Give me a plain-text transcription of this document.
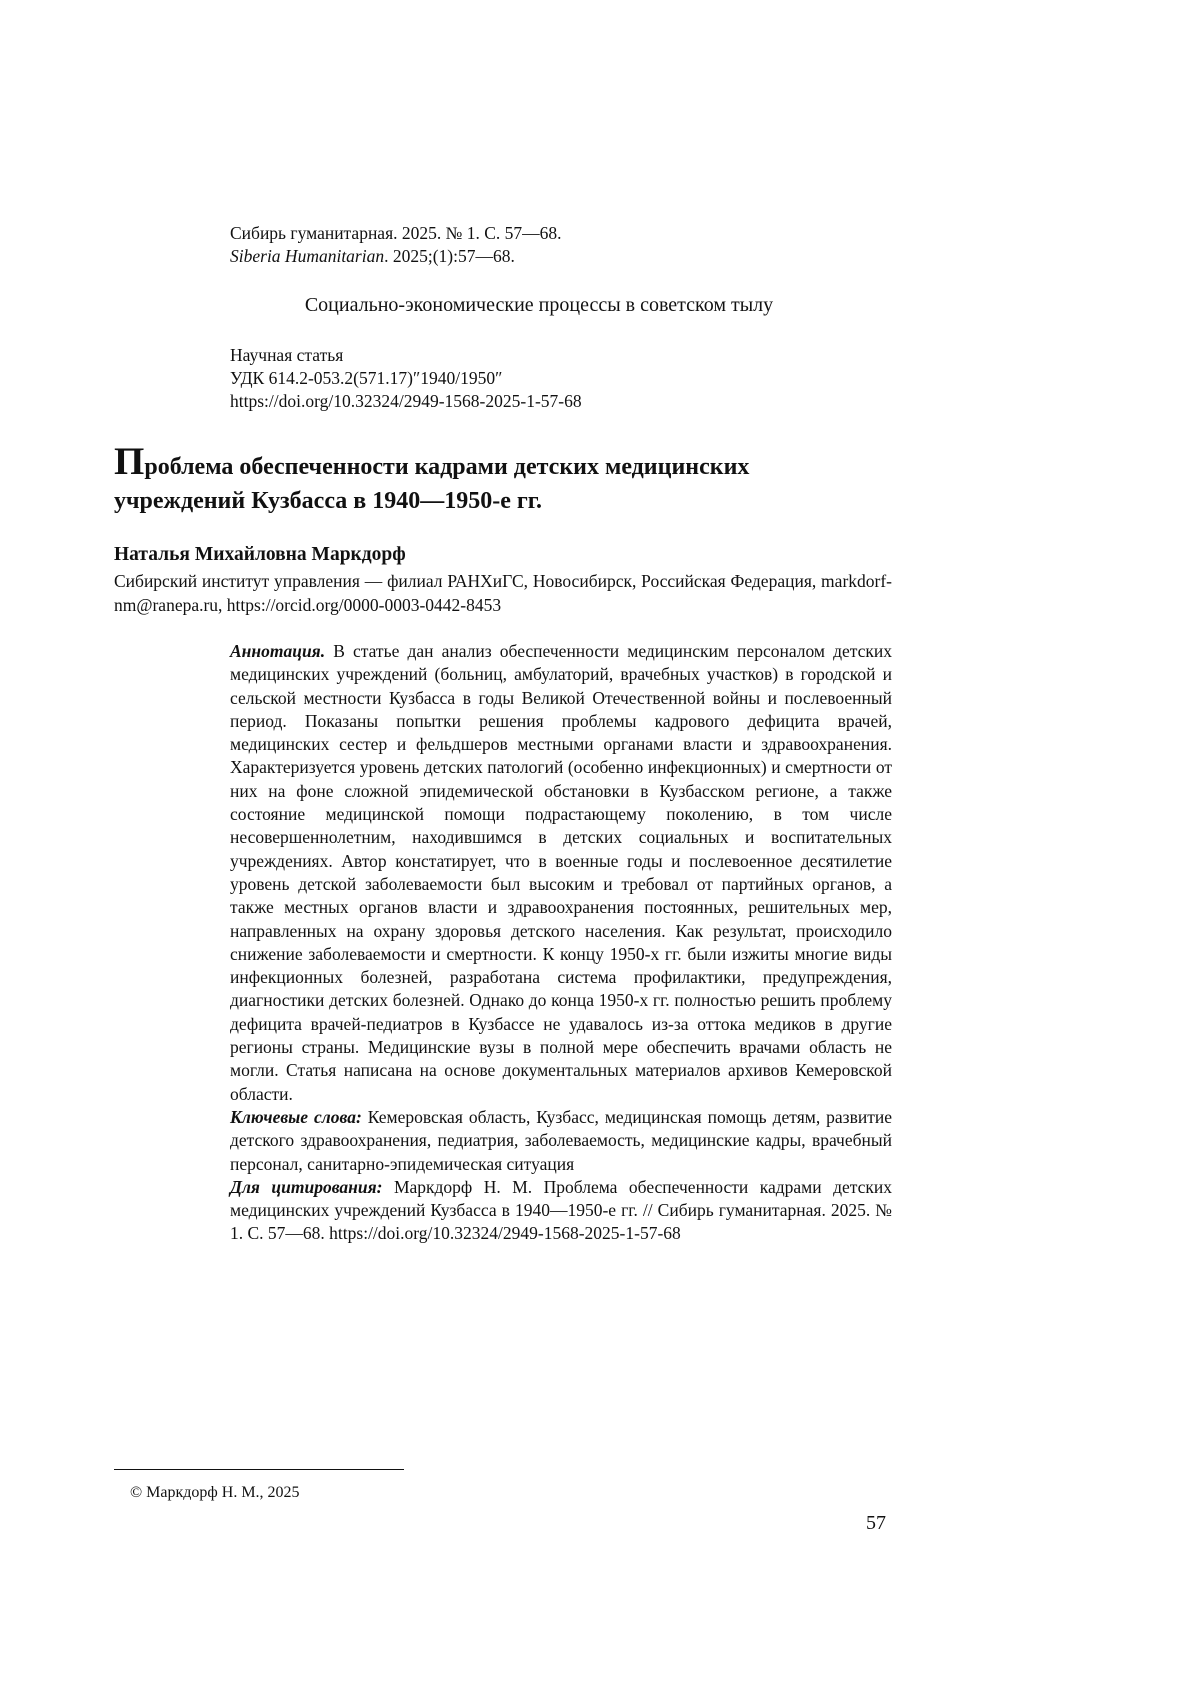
Сибирь гуманитарная. 2025. № 1. С. 57—68.
Siberia Humanitarian. 2025;(1):57—68.
Социально-экономические процессы в советском тылу
Научная статья
УДК 614.2-053.2(571.17)″1940/1950″
https://doi.org/10.32324/2949-1568-2025-1-57-68
Проблема обеспеченности кадрами детских медицинских
учреждений Кузбасса в 1940—1950-е гг.
Наталья Михайловна Маркдорф
Сибирский институт управления — филиал РАНХиГС, Новосибирск, Российская Федерация, markdorf-nm@ranepa.ru, https://orcid.org/0000-0003-0442-8453

Аннотация. В статье дан анализ обеспеченности медицинским персоналом детских медицинских учреждений (больниц, амбулаторий, врачебных участков) в городской и сельской местности Кузбасса в годы Великой Отечественной войны и послевоенный период. Показаны попытки решения проблемы кадрового дефицита врачей, медицинских сестер и фельдшеров местными органами власти и здравоохранения. Характеризуется уровень детских патологий (особенно инфекционных) и смертности от них на фоне сложной эпидемической обстановки в Кузбасском регионе, а также состояние медицинской помощи подрастающему поколению, в том числе несовершеннолетним, находившимся в детских социальных и воспитательных учреждениях. Автор констатирует, что в военные годы и послевоенное десятилетие уровень детской заболеваемости был высоким и требовал от партийных органов, а также местных органов власти и здравоохранения постоянных, решительных мер, направленных на охрану здоровья детского населения. Как результат, происходило снижение заболеваемости и смертности. К концу 1950-х гг. были изжиты многие виды инфекционных болезней, разработана система профилактики, предупреждения, диагностики детских болезней. Однако до конца 1950-х гг. полностью решить проблему дефицита врачей-педиатров в Кузбассе не удавалось из-за оттока медиков в другие регионы страны. Медицинские вузы в полной мере обеспечить врачами область не могли. Статья написана на основе документальных материалов архивов Кемеровской области.

Ключевые слова: Кемеровская область, Кузбасс, медицинская помощь детям, развитие детского здравоохранения, педиатрия, заболеваемость, медицинские кадры, врачебный персонал, санитарно-эпидемическая ситуация

Для цитирования: Маркдорф Н. М. Проблема обеспеченности кадрами детских медицинских учреждений Кузбасса в 1940—1950-е гг. // Сибирь гуманитарная. 2025. № 1. С. 57—68. https://doi.org/10.32324/2949-1568-2025-1-57-68

© Маркдорф Н. М., 2025
57
